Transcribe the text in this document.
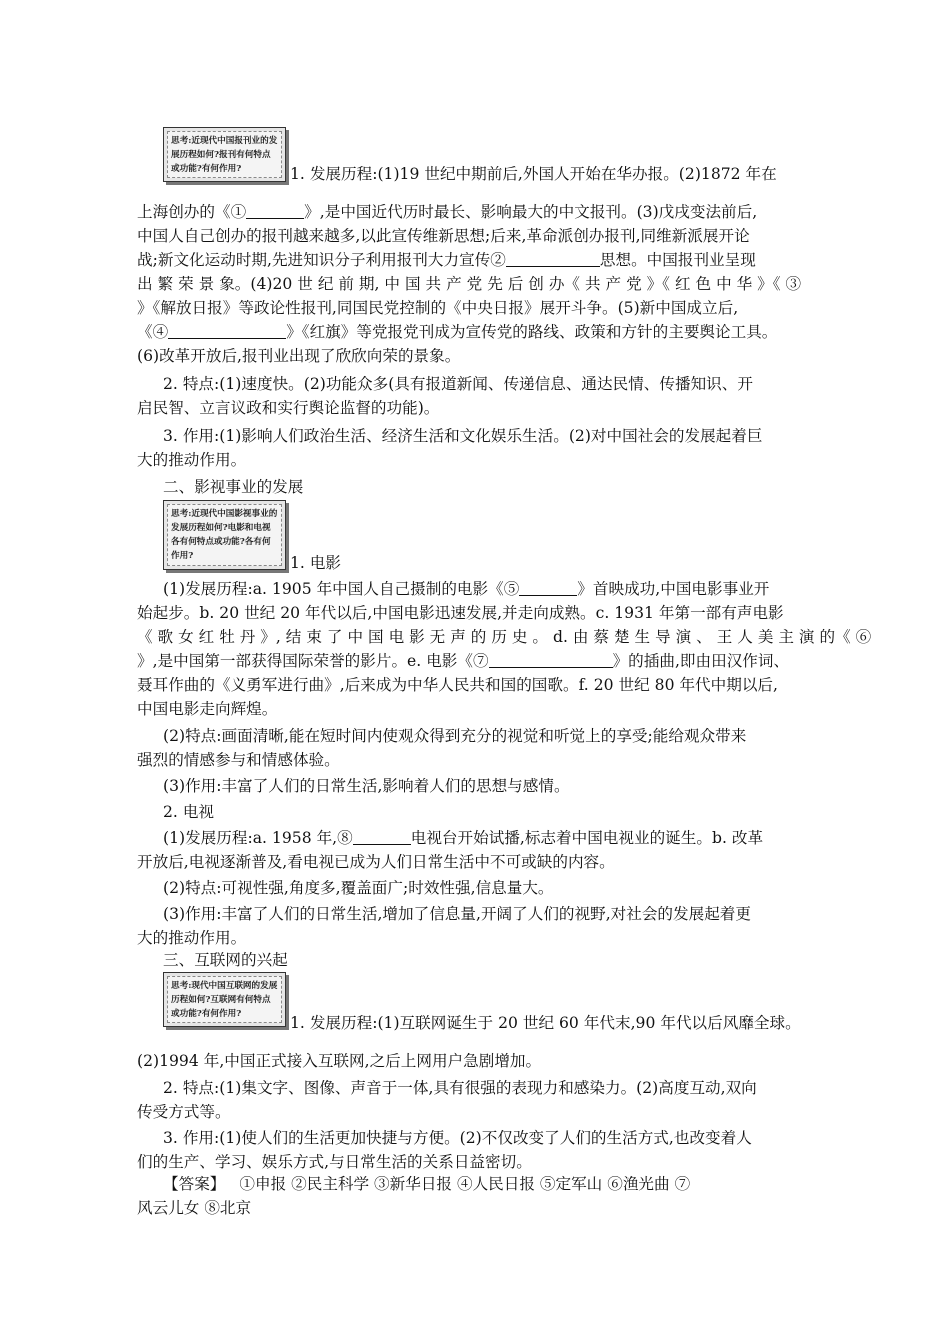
思考:近现代中国报刊业的发展历程如何?报刊有何特点或功能?有何作用?	1. 发展历程:(1)19 世纪中期前后,外国人开始在华办报。(2)1872 年在
上海创办的《①	》,是中国近代历时最长、影响最大的中文报刊。(3)戊戌变法前后,
中国人自己创办的报刊越来越多,以此宣传维新思想;后来,革命派创办报刊,同维新派展开论
战;新文化运动时期,先进知识分子利用报刊大力宣传②	思想。中国报刊业呈现
出 繁 荣 景 象。(4)20 世 纪 前 期, 中 国 共 产 党 先 后 创 办《 共 产 党 》《 红 色 中 华 》《 ③
》《解放日报》等政论性报刊,同国民党控制的《中央日报》展开斗争。(5)新中国成立后,
《④	》《红旗》等党报党刊成为宣传党的路线、政策和方针的主要舆论工具。
(6)改革开放后,报刊业出现了欣欣向荣的景象。
2. 特点:(1)速度快。(2)功能众多(具有报道新闻、传递信息、通达民情、传播知识、开
启民智、立言议政和实行舆论监督的功能)。
3. 作用:(1)影响人们政治生活、经济生活和文化娱乐生活。(2)对中国社会的发展起着巨
大的推动作用。
二、影视事业的发展
思考:近现代中国影视事业的发展历程如何?电影和电视各有何特点或功能?各有何作用?	1. 电影
(1)发展历程:a. 1905 年中国人自己摄制的电影《⑤	》首映成功,中国电影事业开
始起步。b. 20 世纪 20 年代以后,中国电影迅速发展,并走向成熟。c. 1931 年第一部有声电影
《 歌 女 红 牡 丹 》, 结 束 了 中 国 电 影 无 声 的 历 史 。 d. 由 蔡 楚 生 导 演 、 王 人 美 主 演 的《 ⑥
》,是中国第一部获得国际荣誉的影片。e. 电影《⑦	》的插曲,即由田汉作词、
聂耳作曲的《义勇军进行曲》,后来成为中华人民共和国的国歌。f. 20 世纪 80 年代中期以后,
中国电影走向辉煌。
(2)特点:画面清晰,能在短时间内使观众得到充分的视觉和听觉上的享受;能给观众带来
强烈的情感参与和情感体验。
(3)作用:丰富了人们的日常生活,影响着人们的思想与感情。
2. 电视
(1)发展历程:a. 1958 年,⑧	电视台开始试播,标志着中国电视业的诞生。b. 改革
开放后,电视逐渐普及,看电视已成为人们日常生活中不可或缺的内容。
(2)特点:可视性强,角度多,覆盖面广;时效性强,信息量大。
(3)作用:丰富了人们的日常生活,增加了信息量,开阔了人们的视野,对社会的发展起着更
大的推动作用。
三、互联网的兴起
思考:现代中国互联网的发展历程如何?互联网有何特点或功能?有何作用?	1. 发展历程:(1)互联网诞生于 20 世纪 60 年代末,90 年代以后风靡全球。
(2)1994 年,中国正式接入互联网,之后上网用户急剧增加。
2. 特点:(1)集文字、图像、声音于一体,具有很强的表现力和感染力。(2)高度互动,双向
传受方式等。
3. 作用:(1)使人们的生活更加快捷与方便。(2)不仅改变了人们的生活方式,也改变着人
们的生产、学习、娱乐方式,与日常生活的关系日益密切。
【答案】 ①申报 ②民主科学 ③新华日报 ④人民日报 ⑤定军山 ⑥渔光曲 ⑦
风云儿女 ⑧北京
